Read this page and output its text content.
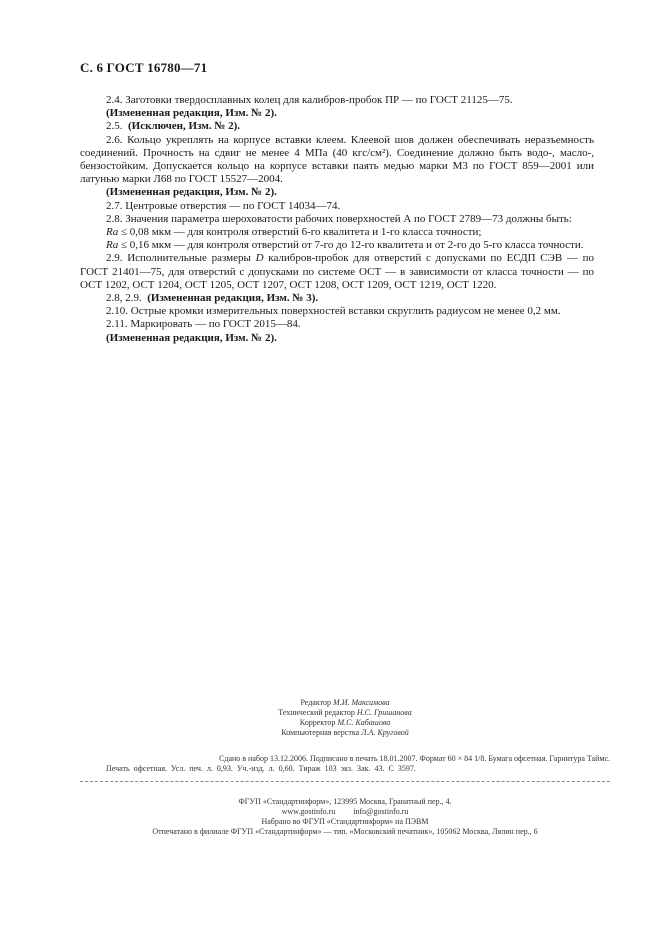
С. 6 ГОСТ 16780—71

2.4. Заготовки твердосплавных колец для калибров-пробок ПР — по ГОСТ 21125—75.

(Измененная редакция, Изм. № 2).

2.5. (Исключен, Изм. № 2).

2.6. Кольцо укреплять на корпусе вставки клеем. Клеевой шов должен обеспечивать неразъемность соединений. Прочность на сдвиг не менее 4 МПа (40 кгс/см²). Соединение должно быть водо-, масло-, бензостойким. Допускается кольцо на корпусе вставки паять медью марки М3 по ГОСТ 859—2001 или латунью марки Л68 по ГОСТ 15527—2004.

(Измененная редакция, Изм. № 2).

2.7. Центровые отверстия — по ГОСТ 14034—74.

2.8. Значения параметра шероховатости рабочих поверхностей А по ГОСТ 2789—73 должны быть:

Ra ≤ 0,08 мкм — для контроля отверстий 6-го квалитета и 1-го класса точности;

Ra ≤ 0,16 мкм — для контроля отверстий от 7-го до 12-го квалитета и от 2-го до 5-го класса точности.

2.9. Исполнительные размеры D калибров-пробок для отверстий с допусками по ЕСДП СЭВ — по ГОСТ 21401—75, для отверстий с допусками по системе ОСТ — в зависимости от класса точности — по ОСТ 1202, ОСТ 1204, ОСТ 1205, ОСТ 1207, ОСТ 1208, ОСТ 1209, ОСТ 1219, ОСТ 1220.

2.8, 2.9. (Измененная редакция, Изм. № 3).

2.10. Острые кромки измерительных поверхностей вставки скруглить радиусом не менее 0,2 мм.

2.11. Маркировать — по ГОСТ 2015—84.

(Измененная редакция, Изм. № 2).

Редактор М.И. Максимова
Технический редактор Н.С. Гришанова
Корректор М.С. Кабашова
Компьютерная верстка Л.А. Круговой
Сдано в набор 13.12.2006. Подписано в печать 18.01.2007. Формат 60 × 84 1/8. Бумага офсетная. Гарнитура Таймс.
Печать офсетная. Усл. печ. л. 0,93. Уч.-изд. л. 0,60. Тираж 103 экз. Зак. 43. С 3597.
ФГУП «Стандартинформ», 123995 Москва, Гранатный пер., 4.
www.gostinfo.ru info@gostinfo.ru
Набрано во ФГУП «Стандартинформ» на ПЭВМ
Отпечатано в филиале ФГУП «Стандартинформ» — тип. «Московский печатник», 105062 Москва, Лялин пер., 6
